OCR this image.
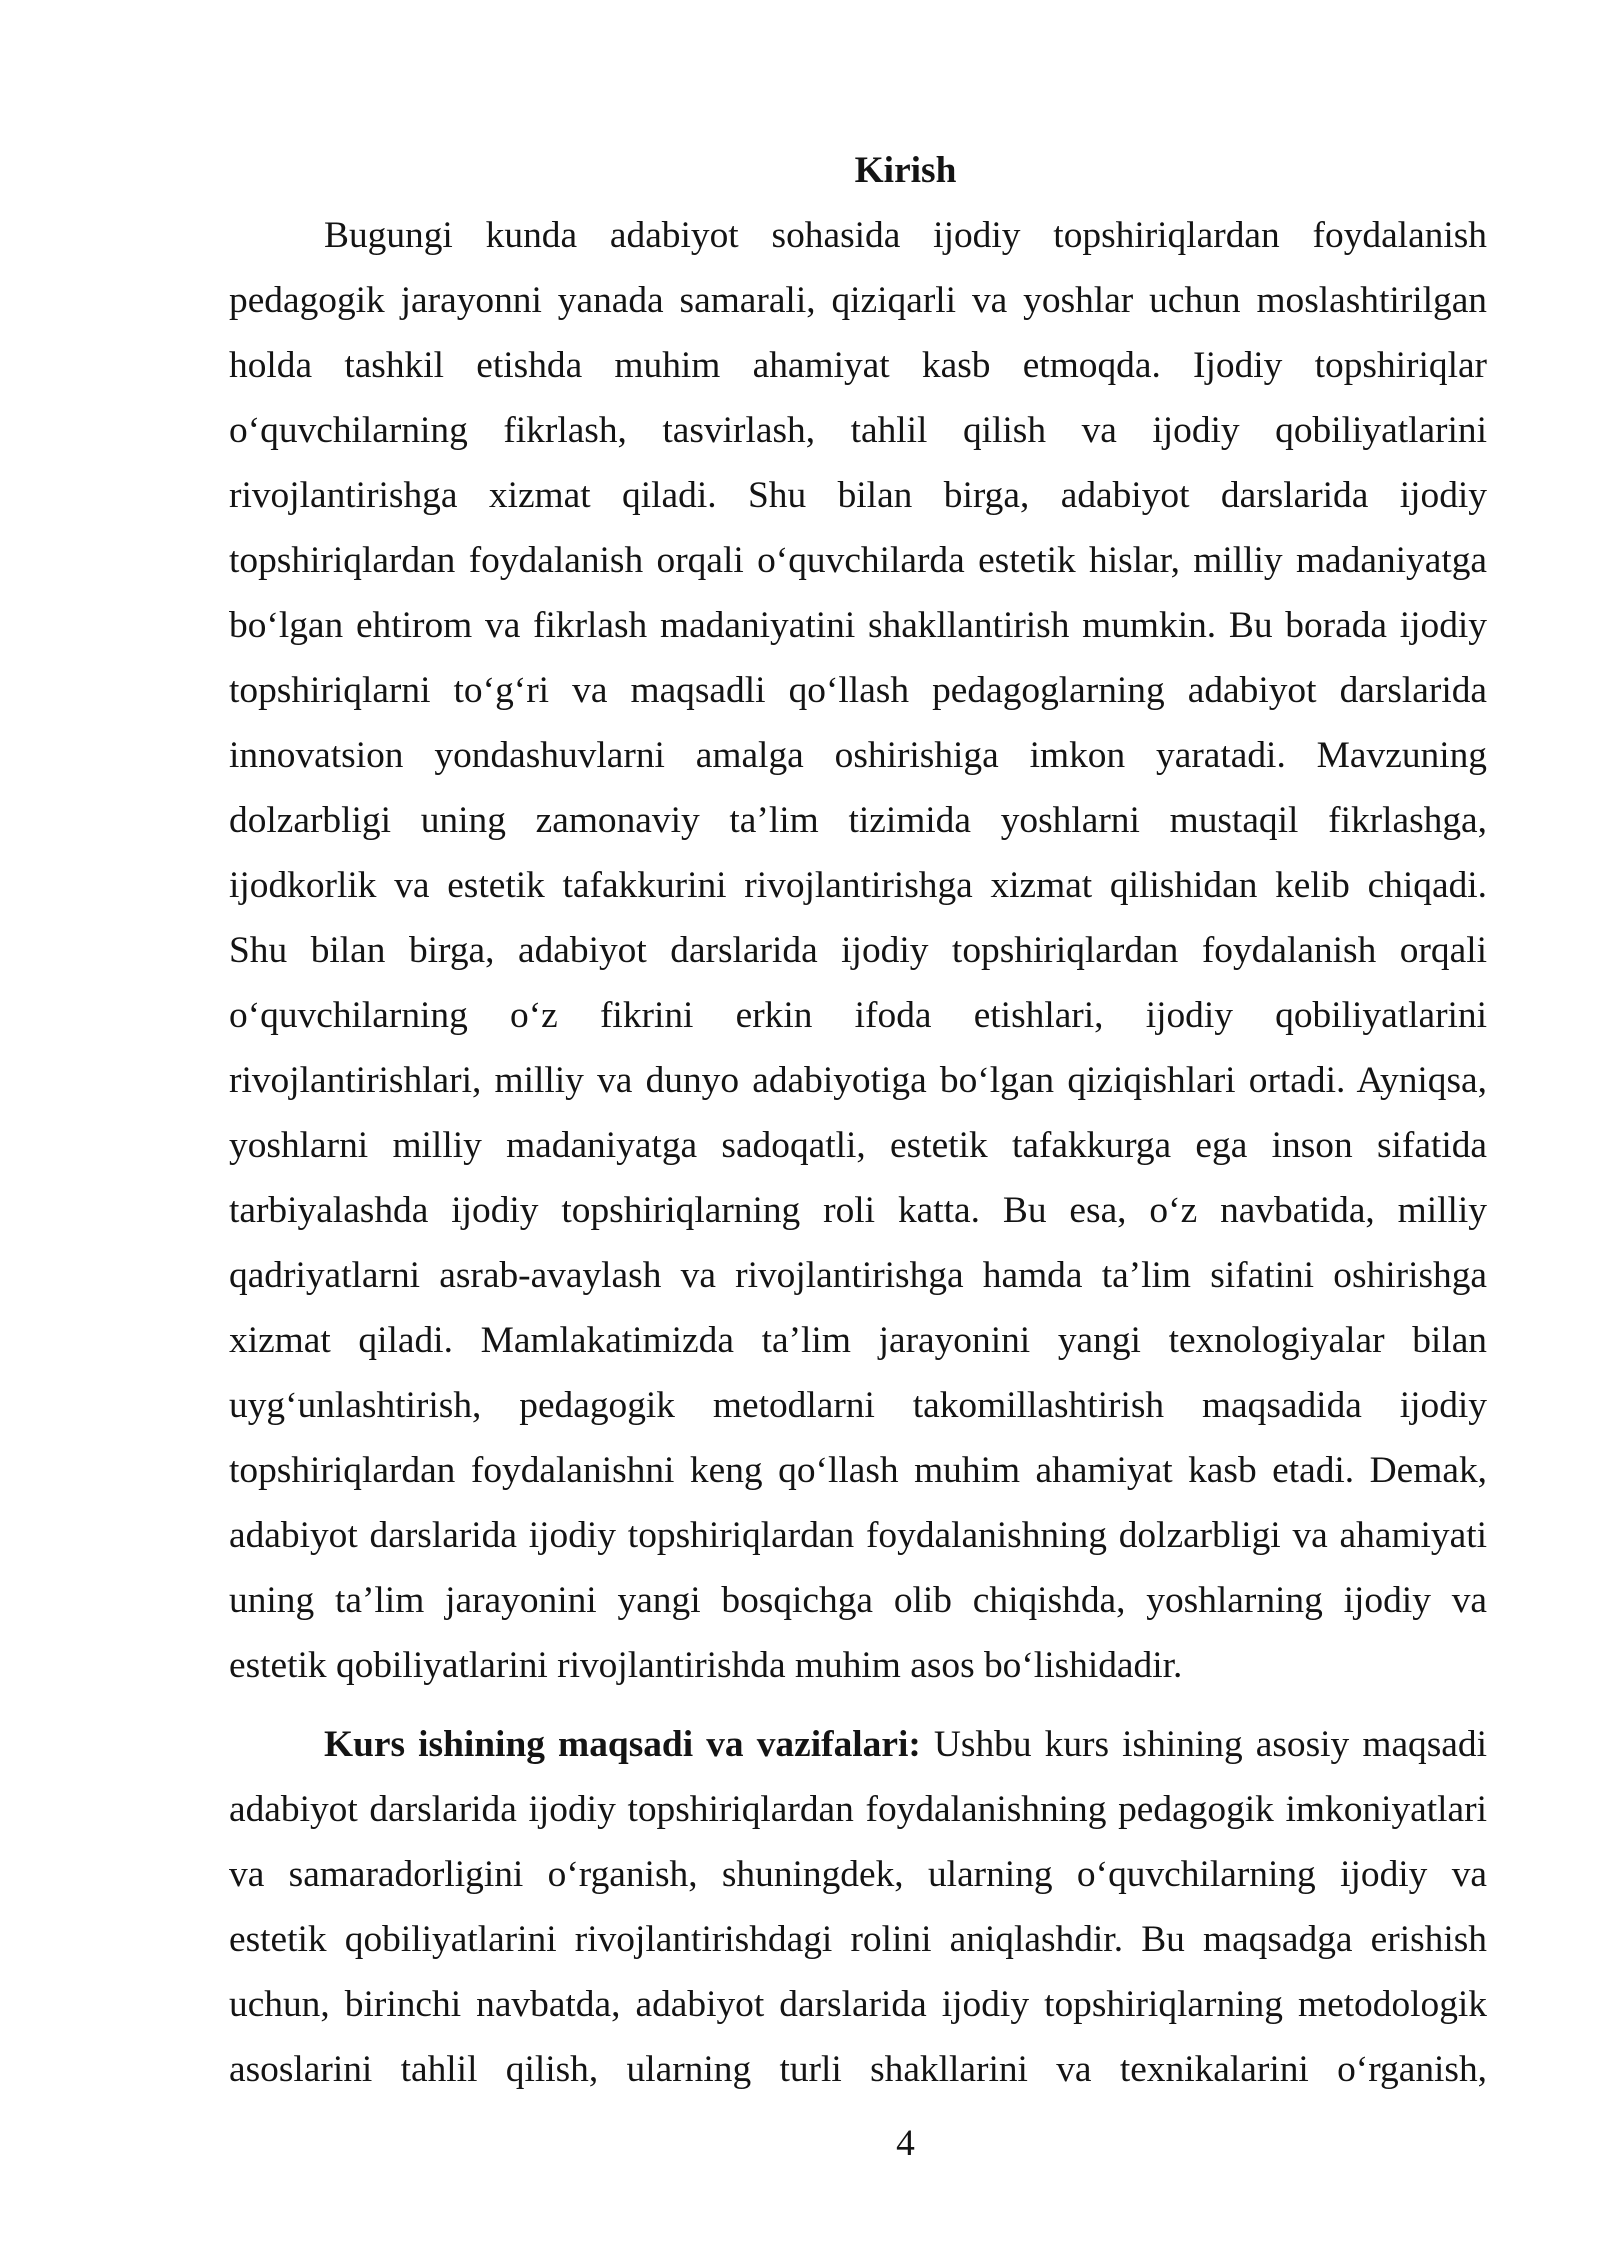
Kirish
Bugungi kunda adabiyot sohasida ijodiy topshiriqlardan foydalanish
pedagogik jarayonni yanada samarali, qiziqarli va yoshlar uchun moslashtirilgan
holda tashkil etishda muhim ahamiyat kasb etmoqda. Ijodiy topshiriqlar
o‘quvchilarning fikrlash, tasvirlash, tahlil qilish va ijodiy qobiliyatlarini
rivojlantirishga xizmat qiladi. Shu bilan birga, adabiyot darslarida ijodiy
topshiriqlardan foydalanish orqali o‘quvchilarda estetik hislar, milliy madaniyatga
bo‘lgan ehtirom va fikrlash madaniyatini shakllantirish mumkin. Bu borada ijodiy
topshiriqlarni to‘g‘ri va maqsadli qo‘llash pedagoglarning adabiyot darslarida
innovatsion yondashuvlarni amalga oshirishiga imkon yaratadi. Mavzuning
dolzarbligi uning zamonaviy ta’lim tizimida yoshlarni mustaqil fikrlashga,
ijodkorlik va estetik tafakkurini rivojlantirishga xizmat qilishidan kelib chiqadi.
Shu bilan birga, adabiyot darslarida ijodiy topshiriqlardan foydalanish orqali
o‘quvchilarning o‘z fikrini erkin ifoda etishlari, ijodiy qobiliyatlarini
rivojlantirishlari, milliy va dunyo adabiyotiga bo‘lgan qiziqishlari ortadi. Ayniqsa,
yoshlarni milliy madaniyatga sadoqatli, estetik tafakkurga ega inson sifatida
tarbiyalashda ijodiy topshiriqlarning roli katta. Bu esa, o‘z navbatida, milliy
qadriyatlarni asrab-avaylash va rivojlantirishga hamda ta’lim sifatini oshirishga
xizmat qiladi. Mamlakatimizda ta’lim jarayonini yangi texnologiyalar bilan
uyg‘unlashtirish, pedagogik metodlarni takomillashtirish maqsadida ijodiy
topshiriqlardan foydalanishni keng qo‘llash muhim ahamiyat kasb etadi. Demak,
adabiyot darslarida ijodiy topshiriqlardan foydalanishning dolzarbligi va ahamiyati
uning ta’lim jarayonini yangi bosqichga olib chiqishda, yoshlarning ijodiy va
estetik qobiliyatlarini rivojlantirishda muhim asos bo‘lishidadir.
Kurs ishining maqsadi va vazifalari: Ushbu kurs ishining asosiy maqsadi
adabiyot darslarida ijodiy topshiriqlardan foydalanishning pedagogik imkoniyatlari
va samaradorligini o‘rganish, shuningdek, ularning o‘quvchilarning ijodiy va
estetik qobiliyatlarini rivojlantirishdagi rolini aniqlashdir. Bu maqsadga erishish
uchun, birinchi navbatda, adabiyot darslarida ijodiy topshiriqlarning metodologik
asoslarini tahlil qilish, ularning turli shakllarini va texnikalarini o‘rganish,
4
